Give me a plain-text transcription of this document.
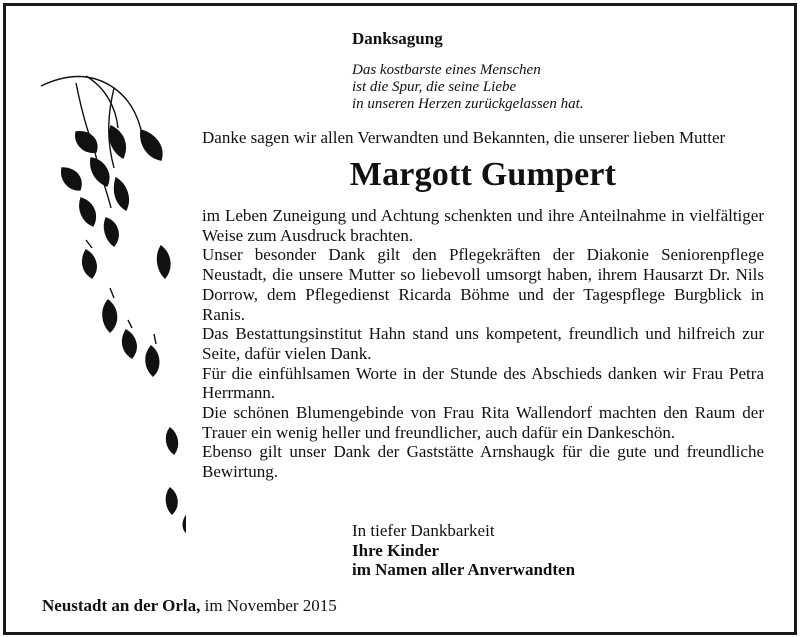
Danksagung
Das kostbarste eines Menschen
ist die Spur, die seine Liebe
in unseren Herzen zurückgelassen hat.
Danke sagen wir allen Verwandten und Bekannten, die unserer lieben Mutter
Margott Gumpert

im Leben Zuneigung und Achtung schenkten und ihre Anteilnahme in vielfältiger Weise zum Ausdruck brachten.

Unser besonder Dank gilt den Pflegekräften der Diakonie Seniorenpflege Neustadt, die unsere Mutter so liebevoll umsorgt haben, ihrem Hausarzt Dr. Nils Dorrow, dem Pflegedienst Ricarda Böhme und der Tagespflege Burgblick in Ranis.

Das Bestattungsinstitut Hahn stand uns kompetent, freundlich und hilfreich zur Seite, dafür vielen Dank.

Für die einfühlsamen Worte in der Stunde des Abschieds danken wir Frau Petra Herrmann.

Die schönen Blumengebinde von Frau Rita Wallendorf machten den Raum der Trauer ein wenig heller und freundlicher, auch dafür ein Dankeschön.

Ebenso gilt unser Dank der Gaststätte Arnshaugk für die gute und freundliche Bewirtung.

In tiefer Dankbarkeit
Ihre Kinder
im Namen aller Anverwandten
Neustadt an der Orla, im November 2015
